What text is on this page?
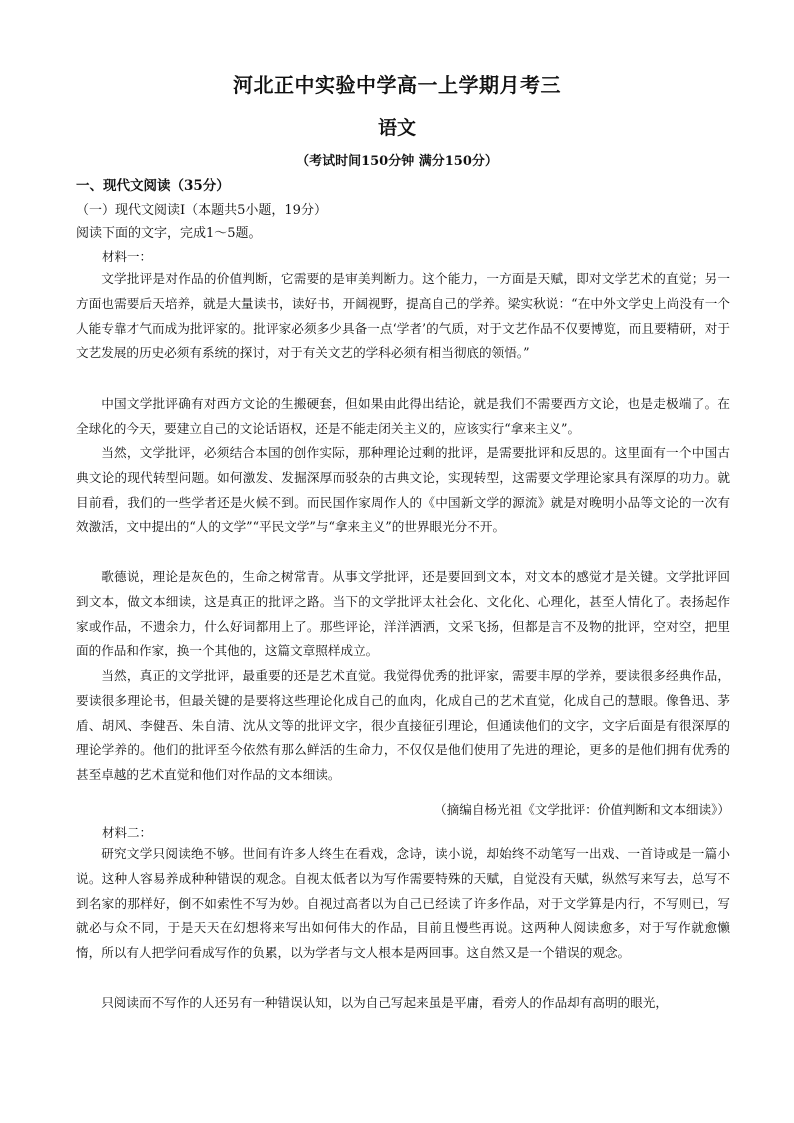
河北正中实验中学高一上学期月考三
语文
（考试时间150分钟 满分150分）
一、现代文阅读（35分）
（一）现代文阅读Ⅰ（本题共5小题，19分）
阅读下面的文字，完成1～5题。
材料一：

文学批评是对作品的价值判断，它需要的是审美判断力。这个能力，一方面是天赋，即对文学艺术的直觉；另一方面也需要后天培养，就是大量读书，读好书，开阔视野，提高自己的学养。梁实秋说：“在中外文学史上尚没有一个人能专靠才气而成为批评家的。批评家必须多少具备一点‘学者’的气质，对于文艺作品不仅要博览，而且要精研，对于文艺发展的历史必须有系统的探讨，对于有关文艺的学科必须有相当彻底的领悟。”

中国文学批评确有对西方文论的生搬硬套，但如果由此得出结论，就是我们不需要西方文论，也是走极端了。在全球化的今天，要建立自己的文论话语权，还是不能走闭关主义的，应该实行“拿来主义”。

当然，文学批评，必须结合本国的创作实际，那种理论过剩的批评，是需要批评和反思的。这里面有一个中国古典文论的现代转型问题。如何激发、发掘深厚而驳杂的古典文论，实现转型，这需要文学理论家具有深厚的功力。就目前看，我们的一些学者还是火候不到。而民国作家周作人的《中国新文学的源流》就是对晚明小品等文论的一次有效激活，文中提出的“人的文学”“平民文学”与“拿来主义”的世界眼光分不开。

歌德说，理论是灰色的，生命之树常青。从事文学批评，还是要回到文本，对文本的感觉才是关键。文学批评回到文本，做文本细读，这是真正的批评之路。当下的文学批评太社会化、文化化、心理化，甚至人情化了。表扬起作家或作品，不遗余力，什么好词都用上了。那些评论，洋洋洒洒，文采飞扬，但都是言不及物的批评，空对空，把里面的作品和作家，换一个其他的，这篇文章照样成立。

当然，真正的文学批评，最重要的还是艺术直觉。我觉得优秀的批评家，需要丰厚的学养，要读很多经典作品，要读很多理论书，但最关键的是要将这些理论化成自己的血肉，化成自己的艺术直觉，化成自己的慧眼。像鲁迅、茅盾、胡风、李健吾、朱自清、沈从文等的批评文字，很少直接征引理论，但通读他们的文字，文字后面是有很深厚的理论学养的。他们的批评至今依然有那么鲜活的生命力，不仅仅是他们使用了先进的理论，更多的是他们拥有优秀的甚至卓越的艺术直觉和他们对作品的文本细读。

（摘编自杨光祖《文学批评：价值判断和文本细读》）
材料二：

研究文学只阅读绝不够。世间有许多人终生在看戏，念诗，读小说，却始终不动笔写一出戏、一首诗或是一篇小说。这种人容易养成种种错误的观念。自视太低者以为写作需要特殊的天赋，自觉没有天赋，纵然写来写去，总写不到名家的那样好，倒不如索性不写为妙。自视过高者以为自己已经读了许多作品，对于文学算是内行，不写则已，写就必与众不同，于是天天在幻想将来写出如何伟大的作品，目前且慢些再说。这两种人阅读愈多，对于写作就愈懒惰，所以有人把学问看成写作的负累，以为学者与文人根本是两回事。这自然又是一个错误的观念。

只阅读而不写作的人还另有一种错误认知，以为自己写起来虽是平庸，看旁人的作品却有高明的眼光，
